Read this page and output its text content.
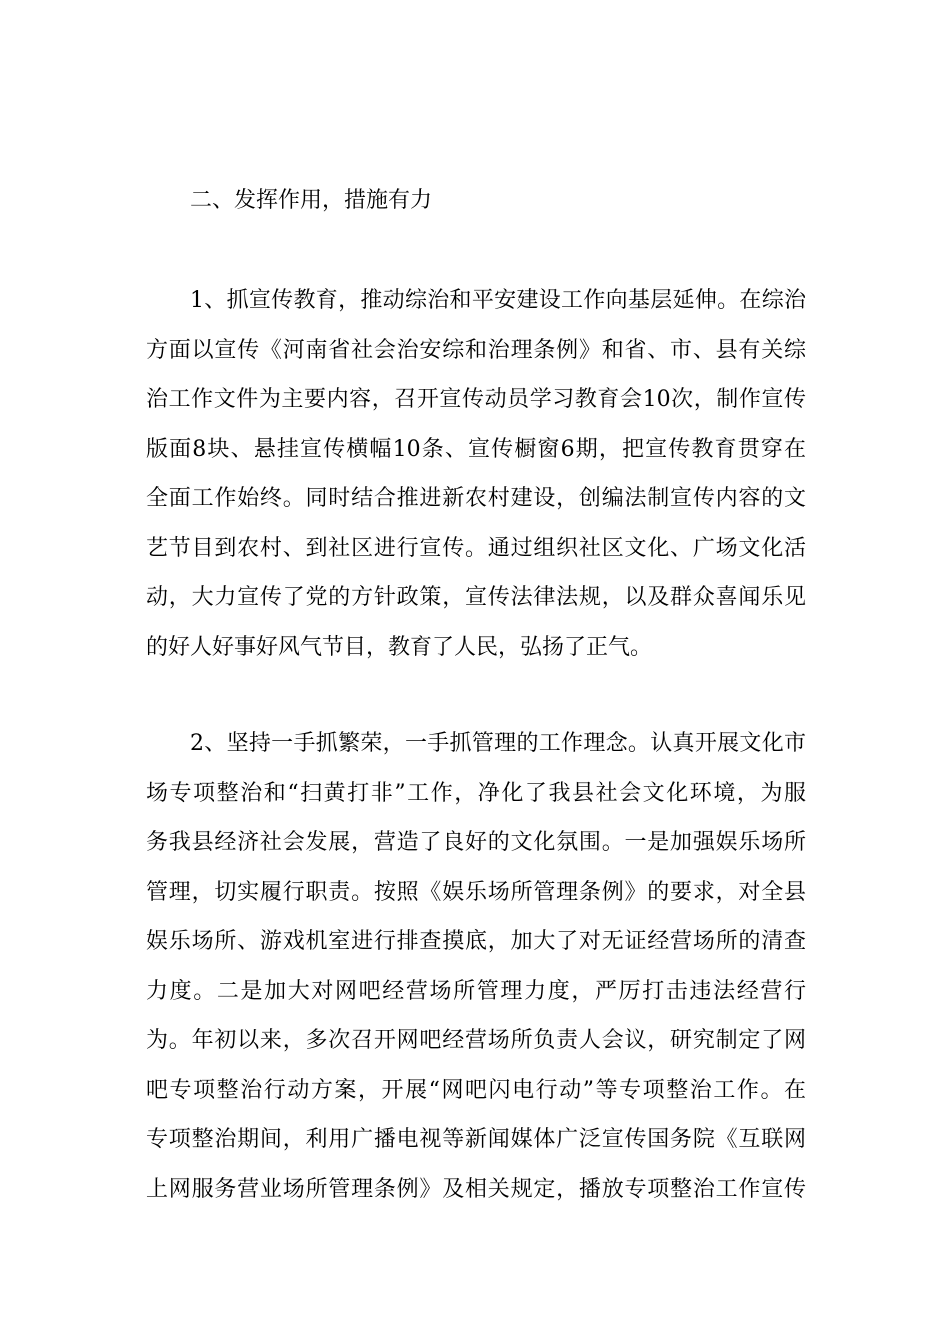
二、发挥作用，措施有力
1、抓宣传教育，推动综治和平安建设工作向基层延伸。在综治
方面以宣传《河南省社会治安综和治理条例》和省、市、县有关综
治工作文件为主要内容，召开宣传动员学习教育会10次，制作宣传
版面8块、悬挂宣传横幅10条、宣传橱窗6期，把宣传教育贯穿在
全面工作始终。同时结合推进新农村建设，创编法制宣传内容的文
艺节目到农村、到社区进行宣传。通过组织社区文化、广场文化活
动，大力宣传了党的方针政策，宣传法律法规，以及群众喜闻乐见
的好人好事好风气节目，教育了人民，弘扬了正气。
2、坚持一手抓繁荣，一手抓管理的工作理念。认真开展文化市
场专项整治和“扫黄打非”工作，净化了我县社会文化环境，为服
务我县经济社会发展，营造了良好的文化氛围。一是加强娱乐场所
管理，切实履行职责。按照《娱乐场所管理条例》的要求，对全县
娱乐场所、游戏机室进行排查摸底，加大了对无证经营场所的清查
力度。二是加大对网吧经营场所管理力度，严厉打击违法经营行
为。年初以来，多次召开网吧经营场所负责人会议，研究制定了网
吧专项整治行动方案，开展“网吧闪电行动”等专项整治工作。在
专项整治期间，利用广播电视等新闻媒体广泛宣传国务院《互联网
上网服务营业场所管理条例》及相关规定，播放专项整治工作宣传
